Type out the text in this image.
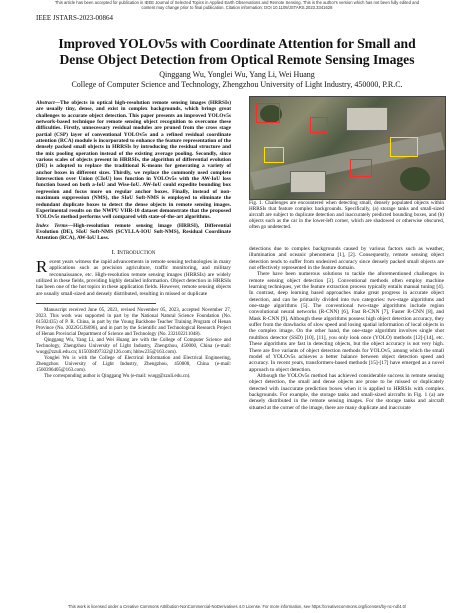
This article has been accepted for publication in IEEE Journal of Selected Topics in Applied Earth Observations and Remote Sensing. This is the author's version which has not been fully edited and
content may change prior to final publication. Citation information: DOI 10.1109/JSTARS.2023.3341628
IEEE JSTARS-2023-00864
Improved YOLOv5s with Coordinate Attention for Small and
Dense Object Detection from Optical Remote Sensing Images
Qinggang Wu, Yonglei Wu, Yang Li, Wei Huang
College of Computer Science and Technology, Zhengzhou University of Light Industry, 450000, P.R.C.
Abstract—The objects in optical high-resolution remote sensing images (HRRSIs) are usually tiny, dense, and exist in complex backgrounds, which brings great challenges to accurate object detection. This paper presents an improved YOLOv5s network-based technique for remote sensing object recognition to overcome these difficulties. Firstly, unnecessary residual modules are pruned from the cross stage partial (CSP) layer of conventional YOLOv5s and a refined residual coordinate attention (RCA) module is incorporated to enhance the feature representation of the densely packed small objects in HRRSIs by introducing the residual structure and the mix pooling operation instead of the existing average pooling. Secondly, since various scales of objects present in HRRSIs, the algorithm of differential evolution (DE) is adopted to replace the traditional K-means for generating a variety of anchor boxes in different sizes. Thirdly, we replace the commonly used complete Intersection over Union (CIoU) loss function in YOLOv5s with the AW-IoU loss function based on both a-IoU and Wise-IoU. AW-IoU could expedite bounding box regression and focus more on regular anchor boxes. Finally, instead of non-maximum suppression (NMS), the SIoU Soft-NMS is employed to eliminate the redundant duplicate boxes to detect the dense objects in remote sensing images. Experimental results on the NWPU VHR-10 dataset demonstrate that the proposed YOLOv5s method performs well compared with state-of-the-art algorithms.
Index Terms—High-resolution remote sensing image (HRRSI), Differential Evolution (DE), SIoU Soft-NMS (SCYLLA-IOU Soft-NMS), Residual Coordinate Attention (RCA), AW-IoU Loss.
I. Introduction

Recent years witness the rapid advancements in remote sensing technologies in many applications such as precision agriculture, traffic monitoring, and military reconnaissance, etc. High-resolution remote sensing images (HRRSIs) are widely utilized in these fields, providing highly detailed information. Object detection in HRRSIs has been one of the hot topics in these application fields. However, remote sensing objects are usually small-sized and densely distributed, resulting in missed or duplicate

Manuscript received June 05, 2023, revised November 05, 2023, accepted November 27, 2023. This work was supported in part by the National Natural Science Foundation (No. 61502435) of P. R. China, in part by the Young Backbone Teacher Training Program of Henan Province (No. 2022GGJS096), and in part by the Scientific and Technological Research Project of Henan Provincial Department of Science and Technology (No. 232102211048).

Qinggang Wu, Yang Li, and Wei Huang are with the College of Computer Science and Technology, Zhengzhou University of Light Industry, Zhengzhou, 450000, China (e-mail: wuqg@zzuli.edu.cn; li15038497332@126.com; hhhw235@163.com).

Yonglei Wu is with the College of Electrical Information and Electrical Engineering, Zhengzhou University of Light Industry, Zhengzhou, 450000, China (e-mail: 1560396405@163.com).

The corresponding author is Qinggang Wu (e-mail: wuqg@zzuli.edu.cn).

Fig. 1. Challenges are encountered when detecting small, densely populated objects within HRRSIs that feature complex backgrounds. Specifically, (a) storage tanks and small-sized aircraft are subject to duplicate detection and inaccurately predicted bounding boxes, and (b) objects such as the car in the lower-left corner, which are shadowed or otherwise obscured, often go undetected.

detections due to complex backgrounds caused by various factors such as weather, illumination and oceanic phenomena [1], [2]. Consequently, remote sensing object detection tends to suffer from undesired accuracy since densely packed small objects are not effectively represented in the feature domain.

There have been numerous solutions to tackle the aforementioned challenges in remote sensing object detection [3]. Conventional methods often employ machine learning techniques, yet the feature extraction process typically entails manual tuning [4]. In contrast, deep learning based approaches make great progress in accurate object detection, and can be primarily divided into two categories: two-stage algorithms and one-stage algorithms [5]. The conventional two-stage algorithms include region convolutional neural networks (R-CNN) [6], Fast R-CNN [7], Faster R-CNN [8], and Mask R-CNN [9]. Although these algorithms possess high object detection accuracy, they suffer from the drawbacks of slow speed and losing spatial information of local objects in the complex image. On the other hand, the one-stage algorithm involves single shot multibox detector (SSD) [10], [11], you only look once (YOLO) methods [12]-[14], etc. These algorithms are fast in detecting objects, but the object accuracy is not very high. There are five variants of object detection methods for YOLOv5, among which the small model of YOLOv5s achieves a better balance between object detection speed and accuracy. In recent years, transformers-based methods [15]-[17] have emerged as a novel approach to object detection.

Although the YOLOv5s method has achieved considerable success in remote sensing object detection, the small and dense objects are prone to be missed or duplicately detected with inaccurate prediction boxes when it is applied to HRRSIs with complex backgrounds. For example, the storage tanks and small-sized aircrafts in Fig. 1 (a) are densely distributed in the remote sensing images. For the storage tanks and aircraft situated at the corner of the image, there are many duplicate and inaccurate

This work is licensed under a Creative Commons Attribution-NonCommercial-NoDerivatives 4.0 License. For more information, see https://creativecommons.org/licenses/by-nc-nd/4.0/
